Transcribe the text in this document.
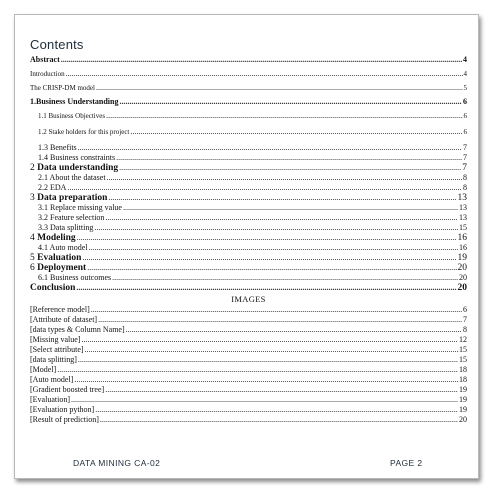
Contents
Abstract .....	4
Introduction .....	4
The CRISP-DM model .....	5
1.Business Understanding .....	6
1.1 Business Objectives .....	6
1.2 Stake holders for this project .....	6
1.3 Benefits .....	7
1.4 Business constraints .....	7
2 Data understanding .....	7
2.1 About the dataset .....	8
2.2 EDA .....	8
3 Data preparation .....	13
3.1 Replace missing value .....	13
3.2 Feature selection .....	13
3.3 Data splitting .....	15
4 Modeling .....	16
4.1 Auto model .....	16
5 Evaluation .....	19
6 Deployment .....	20
6.1 Business outcomes .....	20
Conclusion .....	20
IMAGES
[Reference model] .....	6
[Attribute of dataset] .....	7
[data types & Column Name] .....	8
[Missing value] .....	12
[Select attribute] .....	15
[data splitting] .....	15
[Model] .....	18
[Auto model] .....	18
[Gradient boosted tree] .....	19
[Evaluation] .....	19
[Evaluation python] .....	19
[Result of prediction] .....	20
DATA MINING CA-02	PAGE 2
